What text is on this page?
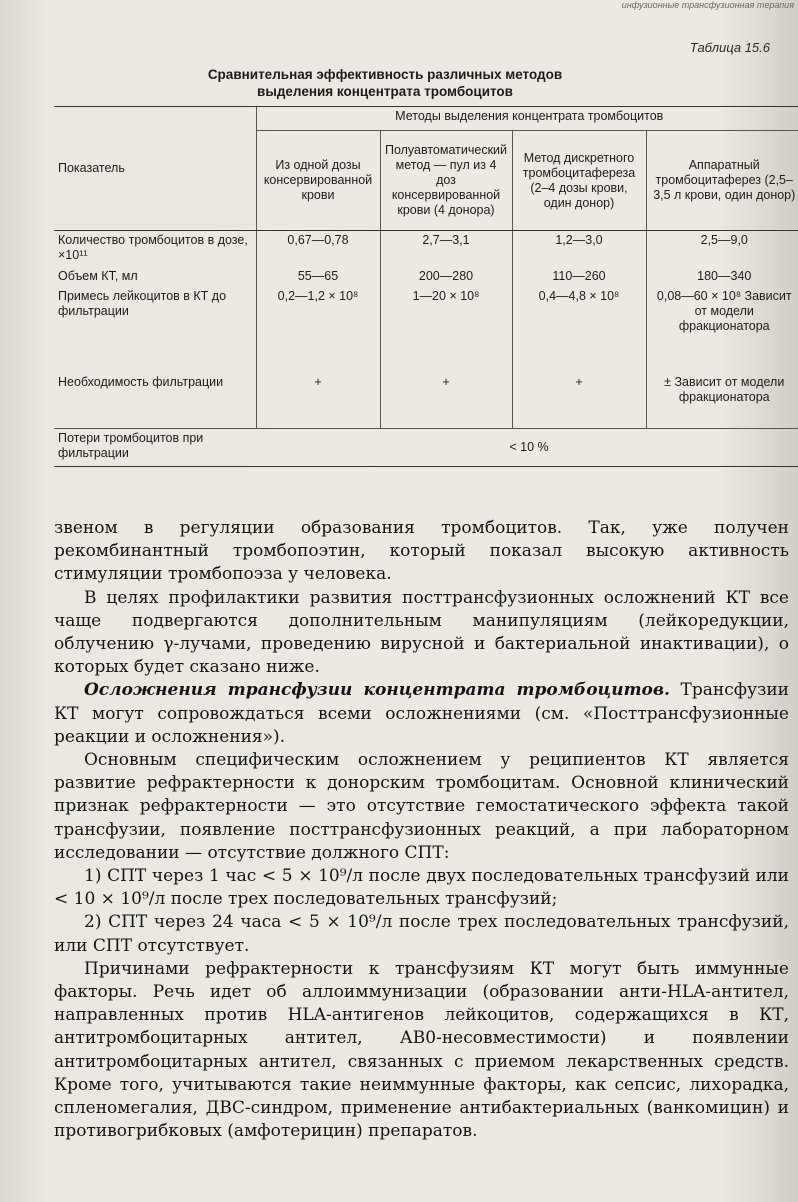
инфузионные трансфузионная терапия
Таблица 15.6
Сравнительная эффективность различных методов
выделения концентрата тромбоцитов
Показатель	Методы выделения концентрата тромбоцитов			
	Из одной дозы консервированной крови	Полуавтоматический метод — пул из 4 доз консервированной крови (4 донора)	Метод дискретного тромбоцитафереза (2–4 дозы крови, один донор)	Аппаратный тромбоцитаферез (2,5–3,5 л крови, один донор)
Количество тромбоцитов в дозе, ×10¹¹	0,67—0,78	2,7—3,1	1,2—3,0	2,5—9,0
Объем КТ, мл	55—65	200—280	110—260	180—340
Примесь лейкоцитов в КТ до фильтрации	0,2—1,2 × 10⁸	1—20 × 10⁸	0,4—4,8 × 10⁸	0,08—60 × 10⁸ Зависит от модели фракционатора
Необходимость фильтрации	+	+	+	± Зависит от модели фракционатора
Потери тромбоцитов при фильтрации	< 10 %			

звеном в регуляции образования тромбоцитов. Так, уже получен рекомбинантный тромбопоэтин, который показал высокую активность стимуляции тромбопоэза у человека.

В целях профилактики развития посттрансфузионных осложнений КТ все чаще подвергаются дополнительным манипуляциям (лейкоредукции, облучению γ-лучами, проведению вирусной и бактериальной инактивации), о которых будет сказано ниже.

Осложнения трансфузии концентрата тромбоцитов. Трансфузии КТ могут сопровождаться всеми осложнениями (см. «Посттрансфузионные реакции и осложнения»).

Основным специфическим осложнением у реципиентов КТ является развитие рефрактерности к донорским тромбоцитам. Основной клинический признак рефрактерности — это отсутствие гемостатического эффекта такой трансфузии, появление посттрансфузионных реакций, а при лабораторном исследовании — отсутствие должного СПТ:

1) СПТ через 1 час < 5 × 10⁹/л после двух последовательных трансфузий или < 10 × 10⁹/л после трех последовательных трансфузий;

2) СПТ через 24 часа < 5 × 10⁹/л после трех последовательных трансфузий, или СПТ отсутствует.

Причинами рефрактерности к трансфузиям КТ могут быть иммунные факторы. Речь идет об аллоиммунизации (образовании анти-HLA-антител, направленных против HLA-антигенов лейкоцитов, содержащихся в КТ, антитромбоцитарных антител, АВ0-несовместимости) и появлении антитромбоцитарных антител, связанных с приемом лекарственных средств. Кроме того, учитываются такие неиммунные факторы, как сепсис, лихорадка, спленомегалия, ДВС-синдром, применение антибактериальных (ванкомицин) и противогрибковых (амфотерицин) препаратов.
